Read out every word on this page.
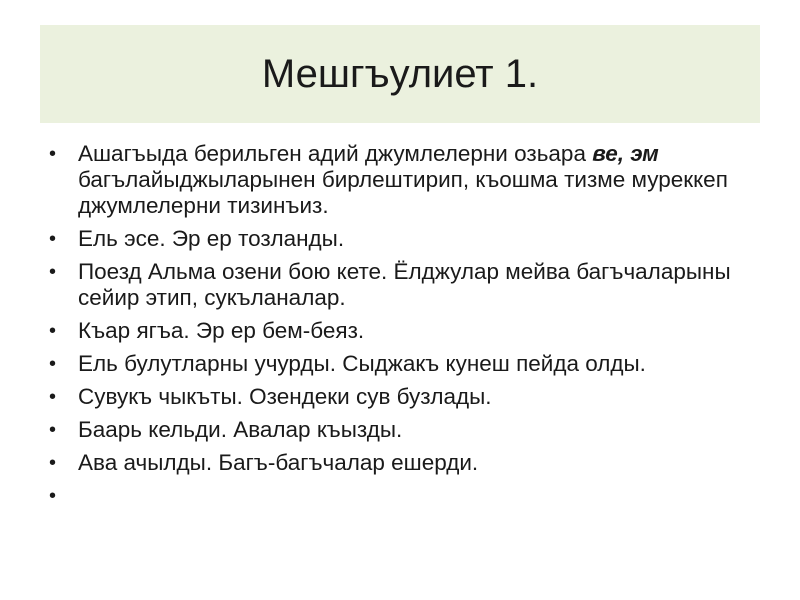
Мешгъулиет 1.
• Ашагъыда берильген адий джумлелерни озьара ве, эм багълайыджыларынен бирлештирип, къошма тизме муреккеп джумлелерни тизинъиз.
• Ель эсе. Эр ер тозланды.
• Поезд Альма озени бою кете. Ёлджулар мейва багъчаларыны сейир этип, сукъланалар.
• Къар ягъа. Эр ер бем-беяз.
• Ель булутларны учурды. Сыджакъ кунеш пейда олды.
• Сувукъ чыкъты. Озендеки сув бузлады.
• Баарь кельди. Авалар къызды.
• Ава ачылды. Багъ-багъчалар ешерди.
•
